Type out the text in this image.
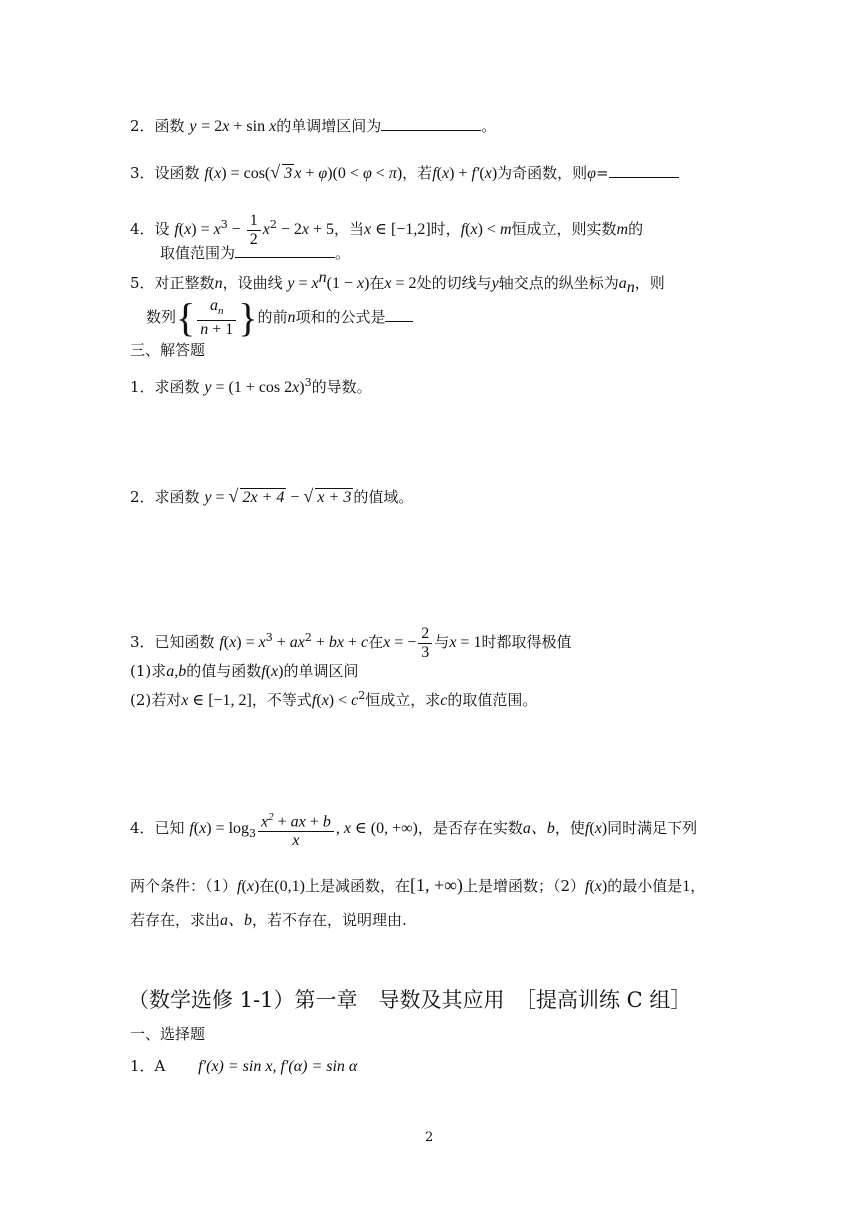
2．函数 y = 2x + sin x的单调增区间为	。
3．设函数 f(x) = cos(√ 3 x + φ)(0 < φ < π)，若f(x) + f′(x)为奇函数，则φ=
4．设 $f(x) = x^3 - \frac{1}{2} x^2 - 2x + 5$，当x ∈ [−1,2]时，f(x) < m恒成立，则实数m的
取值范围为	。
5．对正整数n，设曲线 $y = x^n(1 - x)$在x = 2处的切线与y轴交点的纵坐标为$a_n$，则
数列{ $\frac{a_n}{n + 1}$ }的前n项和的公式是
三、解答题
1．求函数 $y = (1 + \cos 2x)^3$的导数。
2．求函数 y = √ 2x + 4 − √ x + 3 的值域。
3．已知函数 $f(x) = x^3 + ax^2$ + bx + c在x = − $\frac{2}{3}$ 与x = 1时都取得极值
(1)求a,b的值与函数f(x)的单调区间
(2)若对x ∈ [−1, 2]，不等式$f(x) < c^2$恒成立，求c的取值范围。
4．已知 $f(x) = \log_3 \frac{x^2 + ax + b}{x}$ , x ∈ (0, +∞)，是否存在实数a、b，使f(x)同时满足下列
两个条件：（1）f(x)在(0,1)上是减函数，在[1, +∞)上是增函数；（2）f(x)的最小值是1，
若存在，求出a、b，若不存在，说明理由.
（数学选修 1-1）第一章　导数及其应用　［提高训练 C 组］
一、选择题
1．A f′(x) = sin x, f′(α) = sin α
2
